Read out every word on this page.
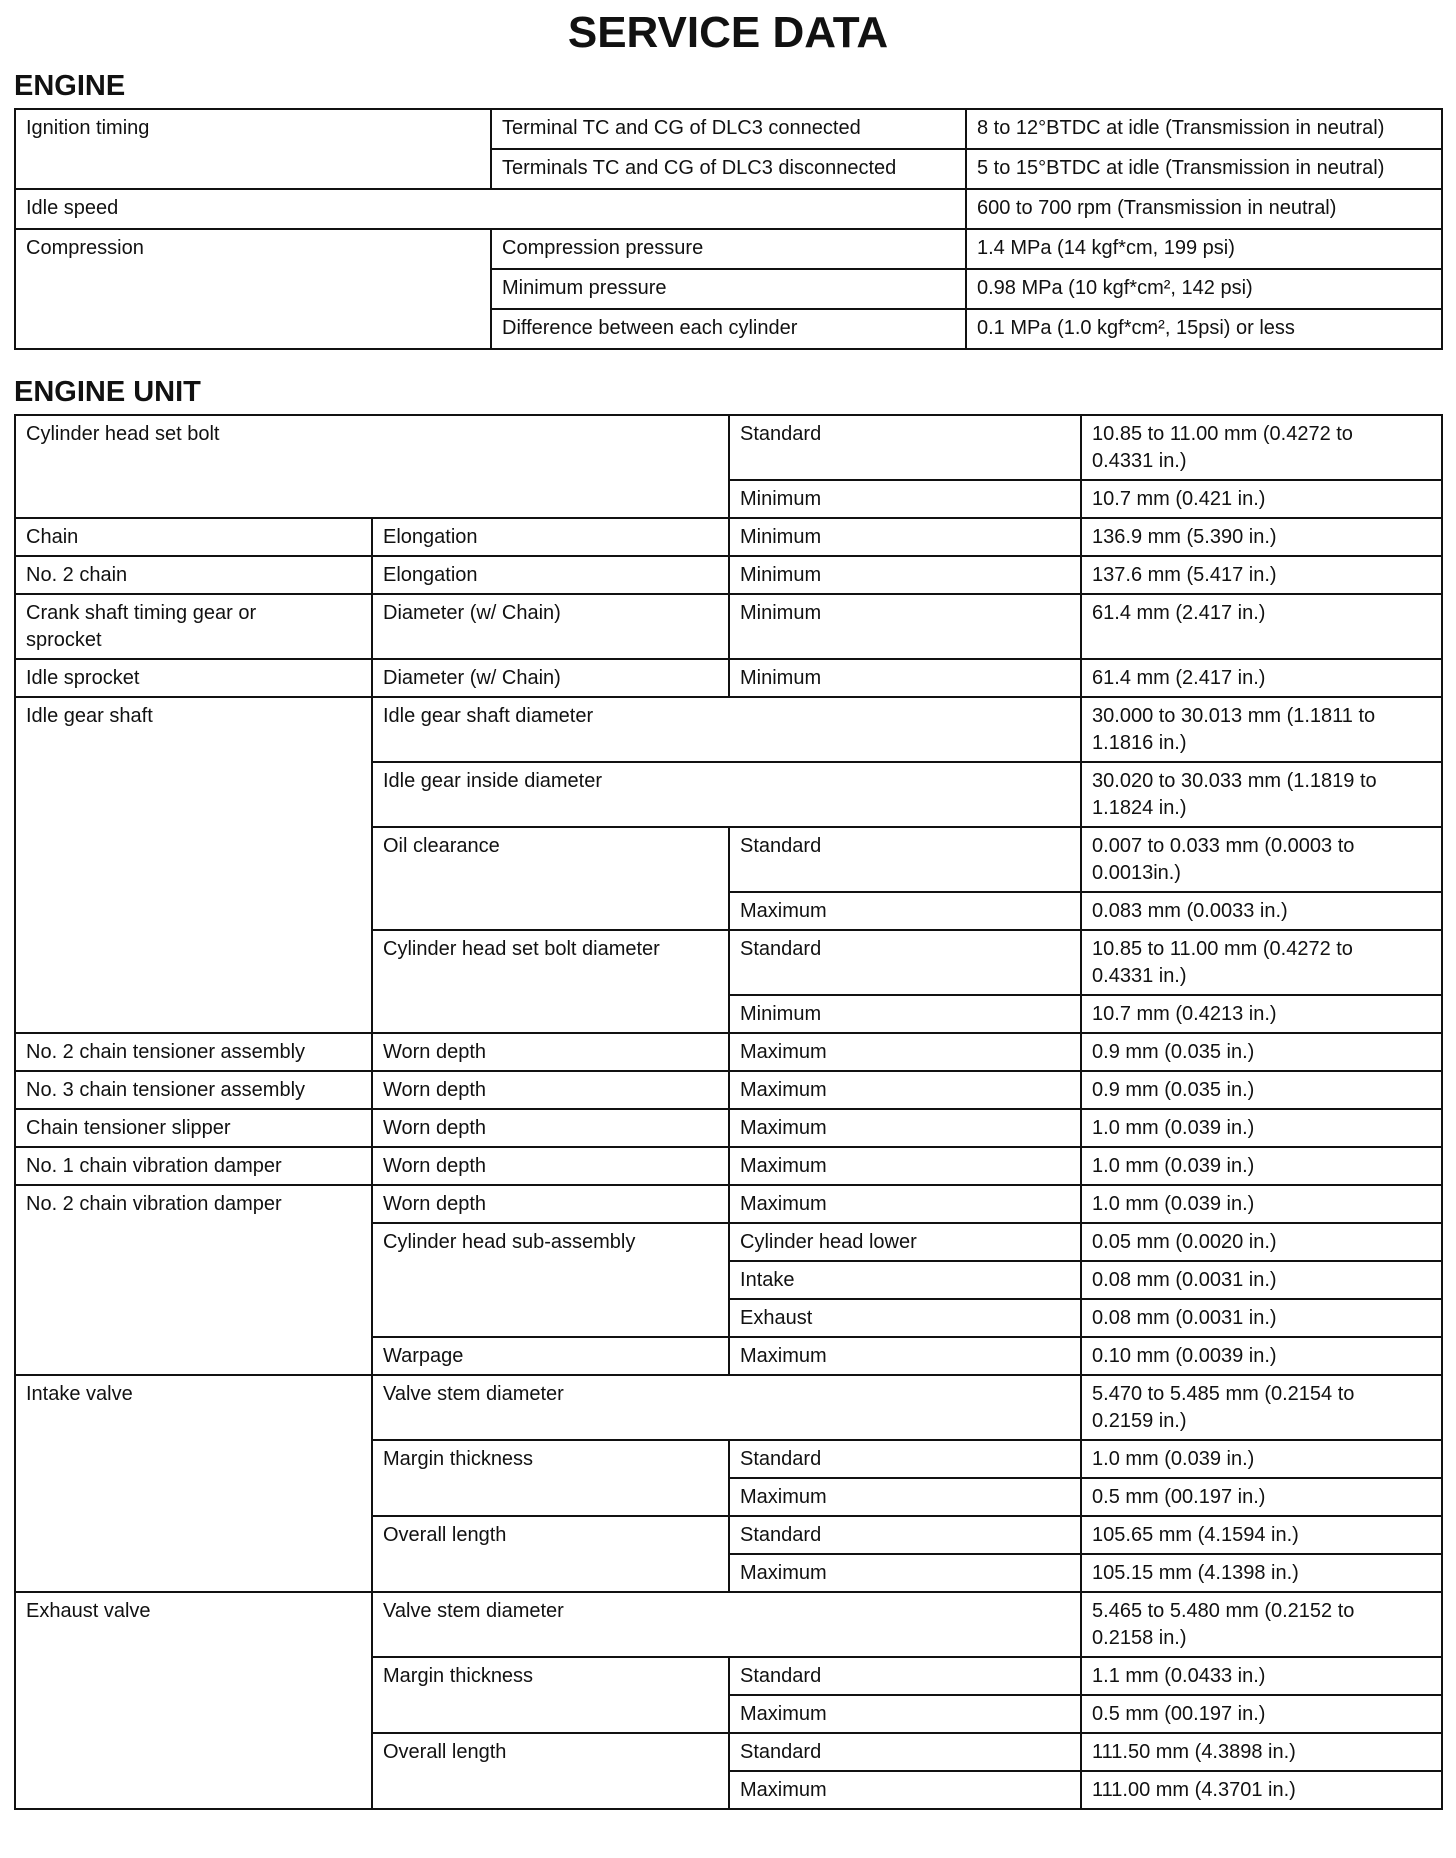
SERVICE DATA
ENGINE
Ignition timing	Terminal TC and CG of DLC3 connected	8 to 12°BTDC at idle (Transmission in neutral)
	Terminals TC and CG of DLC3 disconnected	5 to 15°BTDC at idle (Transmission in neutral)
Idle speed		600 to 700 rpm (Transmission in neutral)
Compression	Compression pressure	1.4 MPa (14 kgf*cm, 199 psi)
	Minimum pressure	0.98 MPa (10 kgf*cm², 142 psi)
	Difference between each cylinder	0.1 MPa (1.0 kgf*cm², 15psi) or less
ENGINE UNIT
Cylinder head set bolt		Standard	10.85 to 11.00 mm (0.4272 to
0.4331 in.)
		Minimum	10.7 mm (0.421 in.)
Chain	Elongation	Minimum	136.9 mm (5.390 in.)
No. 2 chain	Elongation	Minimum	137.6 mm (5.417 in.)
Crank shaft timing gear or
sprocket	Diameter (w/ Chain)	Minimum	61.4 mm (2.417 in.)
Idle sprocket	Diameter (w/ Chain)	Minimum	61.4 mm (2.417 in.)
Idle gear shaft	Idle gear shaft diameter		30.000 to 30.013 mm (1.1811 to
1.1816 in.)
	Idle gear inside diameter		30.020 to 30.033 mm (1.1819 to
1.1824 in.)
	Oil clearance	Standard	0.007 to 0.033 mm (0.0003 to
0.0013in.)
		Maximum	0.083 mm (0.0033 in.)
	Cylinder head set bolt diameter	Standard	10.85 to 11.00 mm (0.4272 to
0.4331 in.)
		Minimum	10.7 mm (0.4213 in.)
No. 2 chain tensioner assembly	Worn depth	Maximum	0.9 mm (0.035 in.)
No. 3 chain tensioner assembly	Worn depth	Maximum	0.9 mm (0.035 in.)
Chain tensioner slipper	Worn depth	Maximum	1.0 mm (0.039 in.)
No. 1 chain vibration damper	Worn depth	Maximum	1.0 mm (0.039 in.)
No. 2 chain vibration damper	Worn depth	Maximum	1.0 mm (0.039 in.)
	Cylinder head sub-assembly	Cylinder head lower	0.05 mm (0.0020 in.)
		Intake	0.08 mm (0.0031 in.)
		Exhaust	0.08 mm (0.0031 in.)
	Warpage	Maximum	0.10 mm (0.0039 in.)
Intake valve	Valve stem diameter		5.470 to 5.485 mm (0.2154 to
0.2159 in.)
	Margin thickness	Standard	1.0 mm (0.039 in.)
		Maximum	0.5 mm (00.197 in.)
	Overall length	Standard	105.65 mm (4.1594 in.)
		Maximum	105.15 mm (4.1398 in.)
Exhaust valve	Valve stem diameter		5.465 to 5.480 mm (0.2152 to
0.2158 in.)
	Margin thickness	Standard	1.1 mm (0.0433 in.)
		Maximum	0.5 mm (00.197 in.)
	Overall length	Standard	111.50 mm (4.3898 in.)
		Maximum	111.00 mm (4.3701 in.)
